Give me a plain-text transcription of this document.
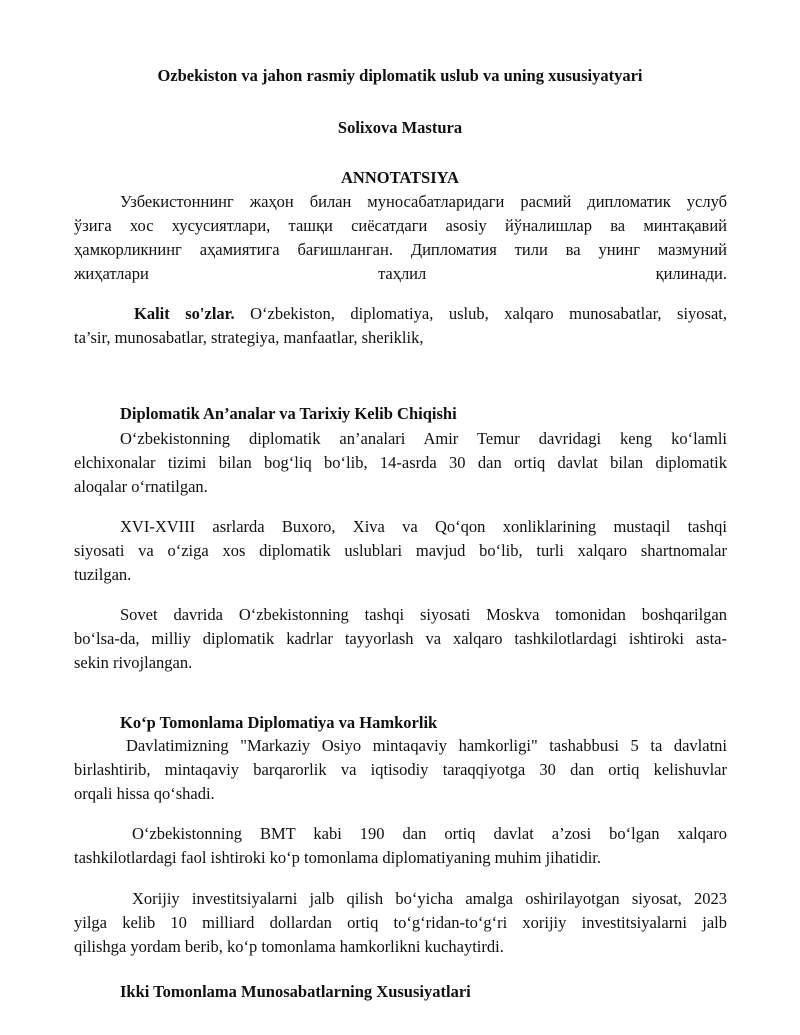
Ozbekiston va jahon rasmiy diplomatik uslub va uning xususiyatyari

Solixova Mastura

ANNOTATSIYA

Узбекистоннинг жаҳон билан муносабатларидаги расмий дипломатик услуб
ўзига хос хусусиятлари, ташқи сиёсатдаги asosiy йўналишлар ва минтақавий
ҳамкорликнинг аҳамиятига бағишланган. Дипломатия тили ва унинг мазмуний
жиҳатлари тaҳлил қилинади.
Kalit so'zlar. O‘zbekiston, diplomatiya, uslub, xalqaro munosabatlar, siyosat,
ta’sir, munosabatlar, strategiya, manfaatlar, sheriklik,

Diplomatik An’analar va Tarixiy Kelib Chiqishi

O‘zbekistonning diplomatik an’analari Amir Temur davridagi keng ko‘lamli
elchixonalar tizimi bilan bog‘liq bo‘lib, 14-asrda 30 dan ortiq davlat bilan diplomatik
aloqalar o‘rnatilgan.
XVI-XVIII asrlarda Buxoro, Xiva va Qo‘qon xonliklarining mustaqil tashqi
siyosati va o‘ziga xos diplomatik uslublari mavjud bo‘lib, turli xalqaro shartnomalar
tuzilgan.
Sovet davrida O‘zbekistonning tashqi siyosati Moskva tomonidan boshqarilgan
bo‘lsa-da, milliy diplomatik kadrlar tayyorlash va xalqaro tashkilotlardagi ishtiroki asta-
sekin rivojlangan.

Ko‘p Tomonlama Diplomatiya va Hamkorlik

Davlatimizning "Markaziy Osiyo mintaqaviy hamkorligi" tashabbusi 5 ta davlatni
birlashtirib, mintaqaviy barqarorlik va iqtisodiy taraqqiyotga 30 dan ortiq kelishuvlar
orqali hissa qo‘shadi.
O‘zbekistonning BMT kabi 190 dan ortiq davlat a’zosi bo‘lgan xalqaro
tashkilotlardagi faol ishtiroki ko‘p tomonlama diplomatiyaning muhim jihatidir.
Xorijiy investitsiyalarni jalb qilish bo‘yicha amalga oshirilayotgan siyosat, 2023
yilga kelib 10 milliard dollardan ortiq to‘g‘ridan-to‘g‘ri xorijiy investitsiyalarni jalb
qilishga yordam berib, ko‘p tomonlama hamkorlikni kuchaytirdi.

Ikki Tomonlama Munosabatlarning Xususiyatlari
